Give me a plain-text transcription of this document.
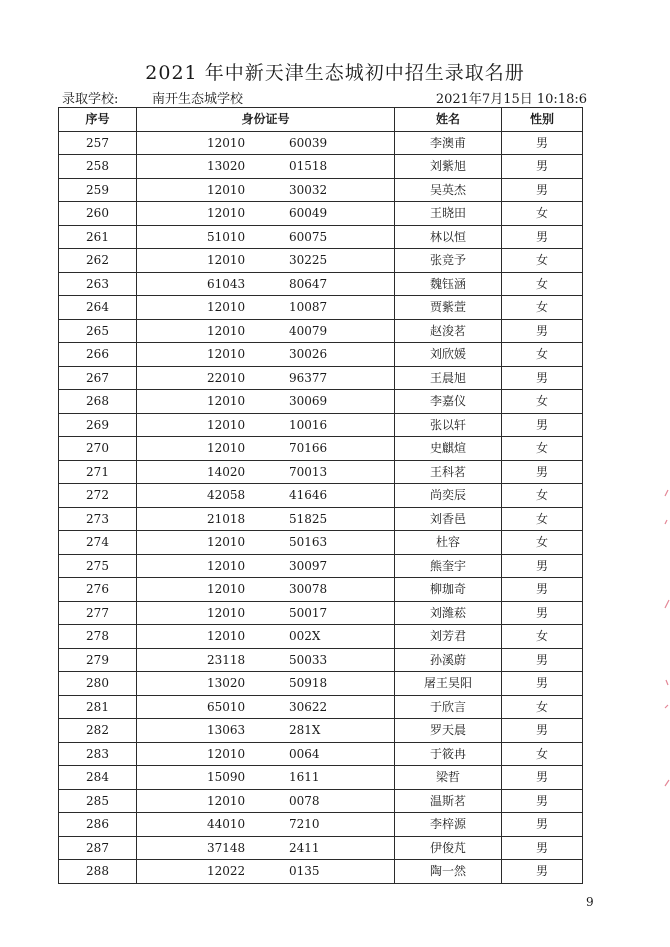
2021 年中新天津生态城初中招生录取名册
录取学校:	南开生态城学校	2021年7月15日 10:18:6
序号	身份证号	姓名	性别
257	12010 60039	李澳甫	男
258	13020 01518	刘紫旭	男
259	12010 30032	吴英杰	男
260	12010 60049	王晓田	女
261	51010 60075	林以恒	男
262	12010 30225	张竞予	女
263	61043 80647	魏钰涵	女
264	12010 10087	贾紫萱	女
265	12010 40079	赵浚茗	男
266	12010 30026	刘欣媛	女
267	22010 96377	王晨旭	男
268	12010 30069	李嘉仪	女
269	12010 10016	张以轩	男
270	12010 70166	史麒煊	女
271	14020 70013	王科茗	男
272	42058 41646	尚奕辰	女
273	21018 51825	刘香邑	女
274	12010 50163	杜容	女
275	12010 30097	熊奎宇	男
276	12010 30078	柳珈奇	男
277	12010 50017	刘潍菘	男
278	12010 002X	刘芳君	女
279	23118 50033	孙溪蔚	男
280	13020 50918	屠王昊阳	男
281	65010 30622	于欣言	女
282	13063 281X	罗天晨	男
283	12010 0064	于筱冉	女
284	15090 1611	梁哲	男
285	12010 0078	温斯茗	男
286	44010 7210	李梓源	男
287	37148 2411	伊俊芃	男
288	12022 0135	陶一然	男
9
